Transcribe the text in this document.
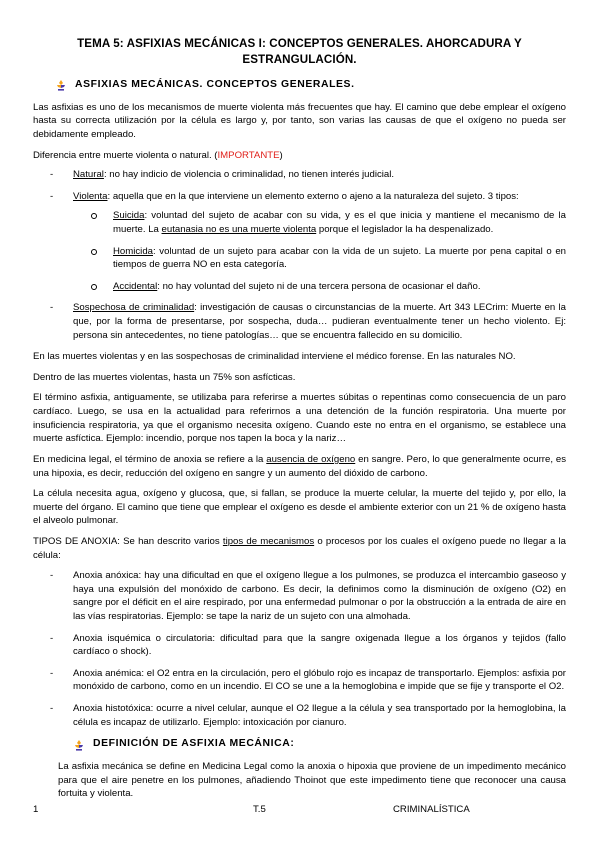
TEMA 5: ASFIXIAS MECÁNICAS I: CONCEPTOS GENERALES. AHORCADURA Y ESTRANGULACIÓN.
ASFIXIAS MECÁNICAS. CONCEPTOS GENERALES.

Las asfixias es uno de los mecanismos de muerte violenta más frecuentes que hay. El camino que debe emplear el oxígeno hasta su correcta utilización por la célula es largo y, por tanto, son varias las causas de que el oxígeno no pueda ser debidamente empleado.

Diferencia entre muerte violenta o natural. (IMPORTANTE)

- Natural: no hay indicio de violencia o criminalidad, no tienen interés judicial.
- Violenta: aquella que en la que interviene un elemento externo o ajeno a la naturaleza del sujeto. 3 tipos:
Suicida: voluntad del sujeto de acabar con su vida, y es el que inicia y mantiene el mecanismo de la muerte. La eutanasia no es una muerte violenta porque el legislador la ha despenalizado.
Homicida: voluntad de un sujeto para acabar con la vida de un sujeto. La muerte por pena capital o en tiempos de guerra NO en esta categoría.
Accidental: no hay voluntad del sujeto ni de una tercera persona de ocasionar el daño.
- Sospechosa de criminalidad: investigación de causas o circunstancias de la muerte. Art 343 LECrim: Muerte en la que, por la forma de presentarse, por sospecha, duda… pudieran eventualmente tener un hecho violento. Ej: persona sin antecedentes, no tiene patologías… que se encuentra fallecido en su domicilio.

En las muertes violentas y en las sospechosas de criminalidad interviene el médico forense. En las naturales NO.

Dentro de las muertes violentas, hasta un 75% son asfícticas.

El término asfixia, antiguamente, se utilizaba para referirse a muertes súbitas o repentinas como consecuencia de un paro cardíaco. Luego, se usa en la actualidad para referirnos a una detención de la función respiratoria. Una muerte por insuficiencia respiratoria, ya que el organismo necesita oxígeno. Cuando este no entra en el organismo, se establece una muerte asfíctica. Ejemplo: incendio, porque nos tapen la boca y la nariz…

En medicina legal, el término de anoxia se refiere a la ausencia de oxígeno en sangre. Pero, lo que generalmente ocurre, es una hipoxia, es decir, reducción del oxígeno en sangre y un aumento del dióxido de carbono.

La célula necesita agua, oxígeno y glucosa, que, si fallan, se produce la muerte celular, la muerte del tejido y, por ello, la muerte del órgano. El camino que tiene que emplear el oxígeno es desde el ambiente exterior con un 21 % de oxígeno hasta el alveolo pulmonar.

TIPOS DE ANOXIA: Se han descrito varios tipos de mecanismos o procesos por los cuales el oxígeno puede no llegar a la célula:

- Anoxia anóxica: hay una dificultad en que el oxígeno llegue a los pulmones, se produzca el intercambio gaseoso y haya una expulsión del monóxido de carbono. Es decir, la definimos como la disminución de oxígeno (O2) en sangre por el déficit en el aire respirado, por una enfermedad pulmonar o por la obstrucción a la entrada de aire en las vías respiratorias. Ejemplo: se tape la nariz de un sujeto con una almohada.
- Anoxia isquémica o circulatoria: dificultad para que la sangre oxigenada llegue a los órganos y tejidos (fallo cardíaco o shock).
- Anoxia anémica: el O2 entra en la circulación, pero el glóbulo rojo es incapaz de transportarlo. Ejemplos: asfixia por monóxido de carbono, como en un incendio. El CO se une a la hemoglobina e impide que se fije y transporte el O2.
- Anoxia histotóxica: ocurre a nivel celular, aunque el O2 llegue a la célula y sea transportado por la hemoglobina, la célula es incapaz de utilizarlo. Ejemplo: intoxicación por cianuro.
DEFINICIÓN DE ASFIXIA MECÁNICA:

La asfixia mecánica se define en Medicina Legal como la anoxia o hipoxia que proviene de un impedimento mecánico para que el aire penetre en los pulmones, añadiendo Thoinot que este impedimento tiene que reconocer una causa fortuita y violenta.

1	T.5	CRIMINALÍSTICA
